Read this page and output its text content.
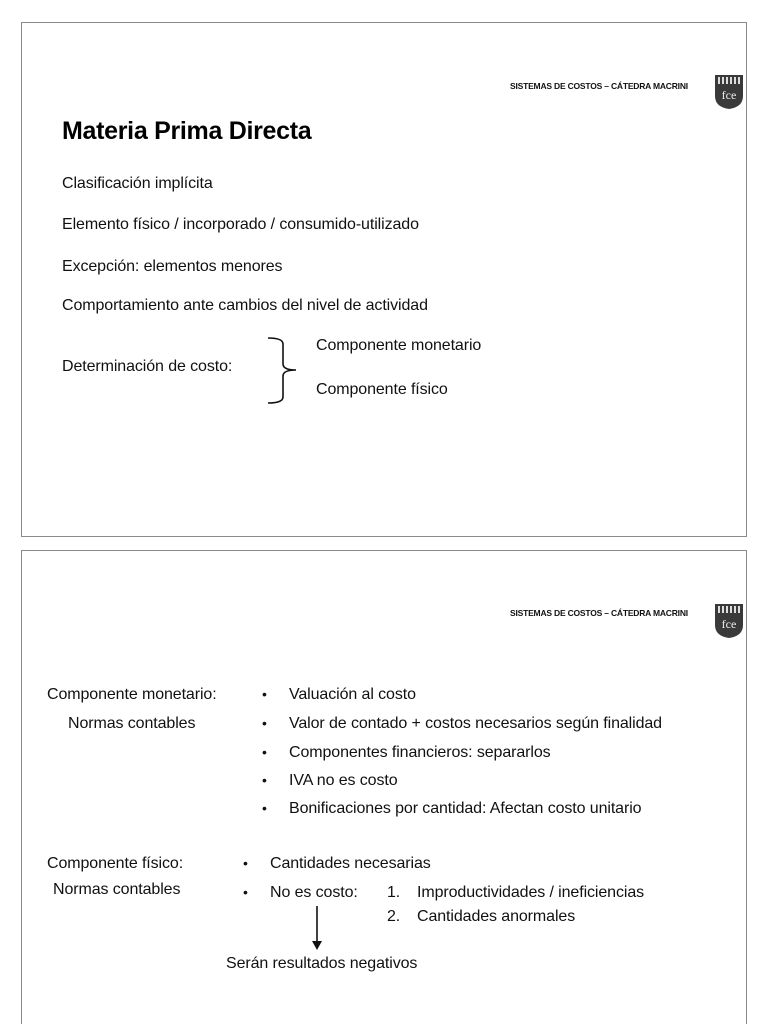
SISTEMAS DE COSTOS – CÁTEDRA MACRINI
fce
Materia Prima Directa
Clasificación implícita
Elemento físico / incorporado / consumido-utilizado
Excepción: elementos menores
Comportamiento ante cambios del nivel de actividad
Determinación de costo:
Componente monetario
Componente físico
SISTEMAS DE COSTOS – CÁTEDRA MACRINI
fce
Componente monetario:
Normas contables
• Valuación al costo
• Valor de contado + costos necesarios según finalidad
• Componentes financieros: separarlos
• IVA no es costo
• Bonificaciones por cantidad: Afectan costo unitario
Componente físico:
Normas contables
• Cantidades necesarias
• No es costo: 1. Improductividades / ineficiencias
2. Cantidades anormales
Serán resultados negativos
